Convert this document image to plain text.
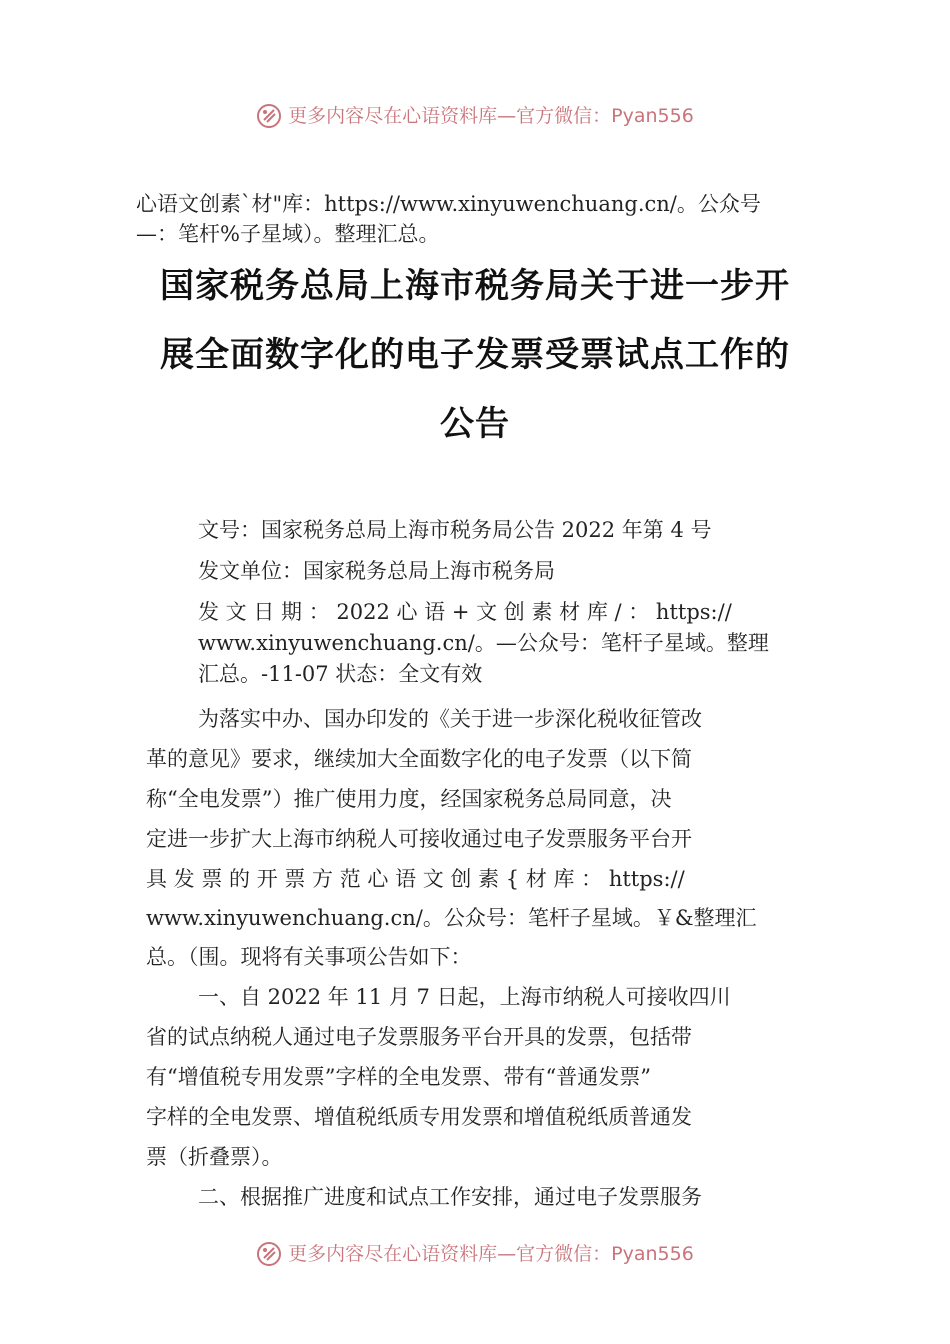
更多内容尽在心语资料库—官方微信：Pyan556
心语文创素`材"库：https://www.xinyuwenchuang.cn/。公众号
—：笔杆%子星域）。整理汇总。
国家税务总局上海市税务局关于进一步开
展全面数字化的电子发票受票试点工作的
公告
文号：国家税务总局上海市税务局公告 2022 年第 4 号
发文单位：国家税务总局上海市税务局
发 文 日 期 ： 2022 心 语 + 文 创 素 材 库 / ： https://
www.xinyuwenchuang.cn/。—公众号：笔杆子星域。整理
汇总。-11-07 状态：全文有效
为落实中办、国办印发的《关于进一步深化税收征管改
革的意见》要求，继续加大全面数字化的电子发票（以下简
称“全电发票”）推广使用力度，经国家税务总局同意，决
定进一步扩大上海市纳税人可接收通过电子发票服务平台开
具 发 票 的 开 票 方 范 心 语 文 创 素 { 材 库 ： https://
www.xinyuwenchuang.cn/。公众号：笔杆子星域。￥&整理汇
总。（围。现将有关事项公告如下：
一、自 2022 年 11 月 7 日起，上海市纳税人可接收四川
省的试点纳税人通过电子发票服务平台开具的发票，包括带
有“增值税专用发票”字样的全电发票、带有“普通发票”
字样的全电发票、增值税纸质专用发票和增值税纸质普通发
票（折叠票）。
二、根据推广进度和试点工作安排，通过电子发票服务
更多内容尽在心语资料库—官方微信：Pyan556
